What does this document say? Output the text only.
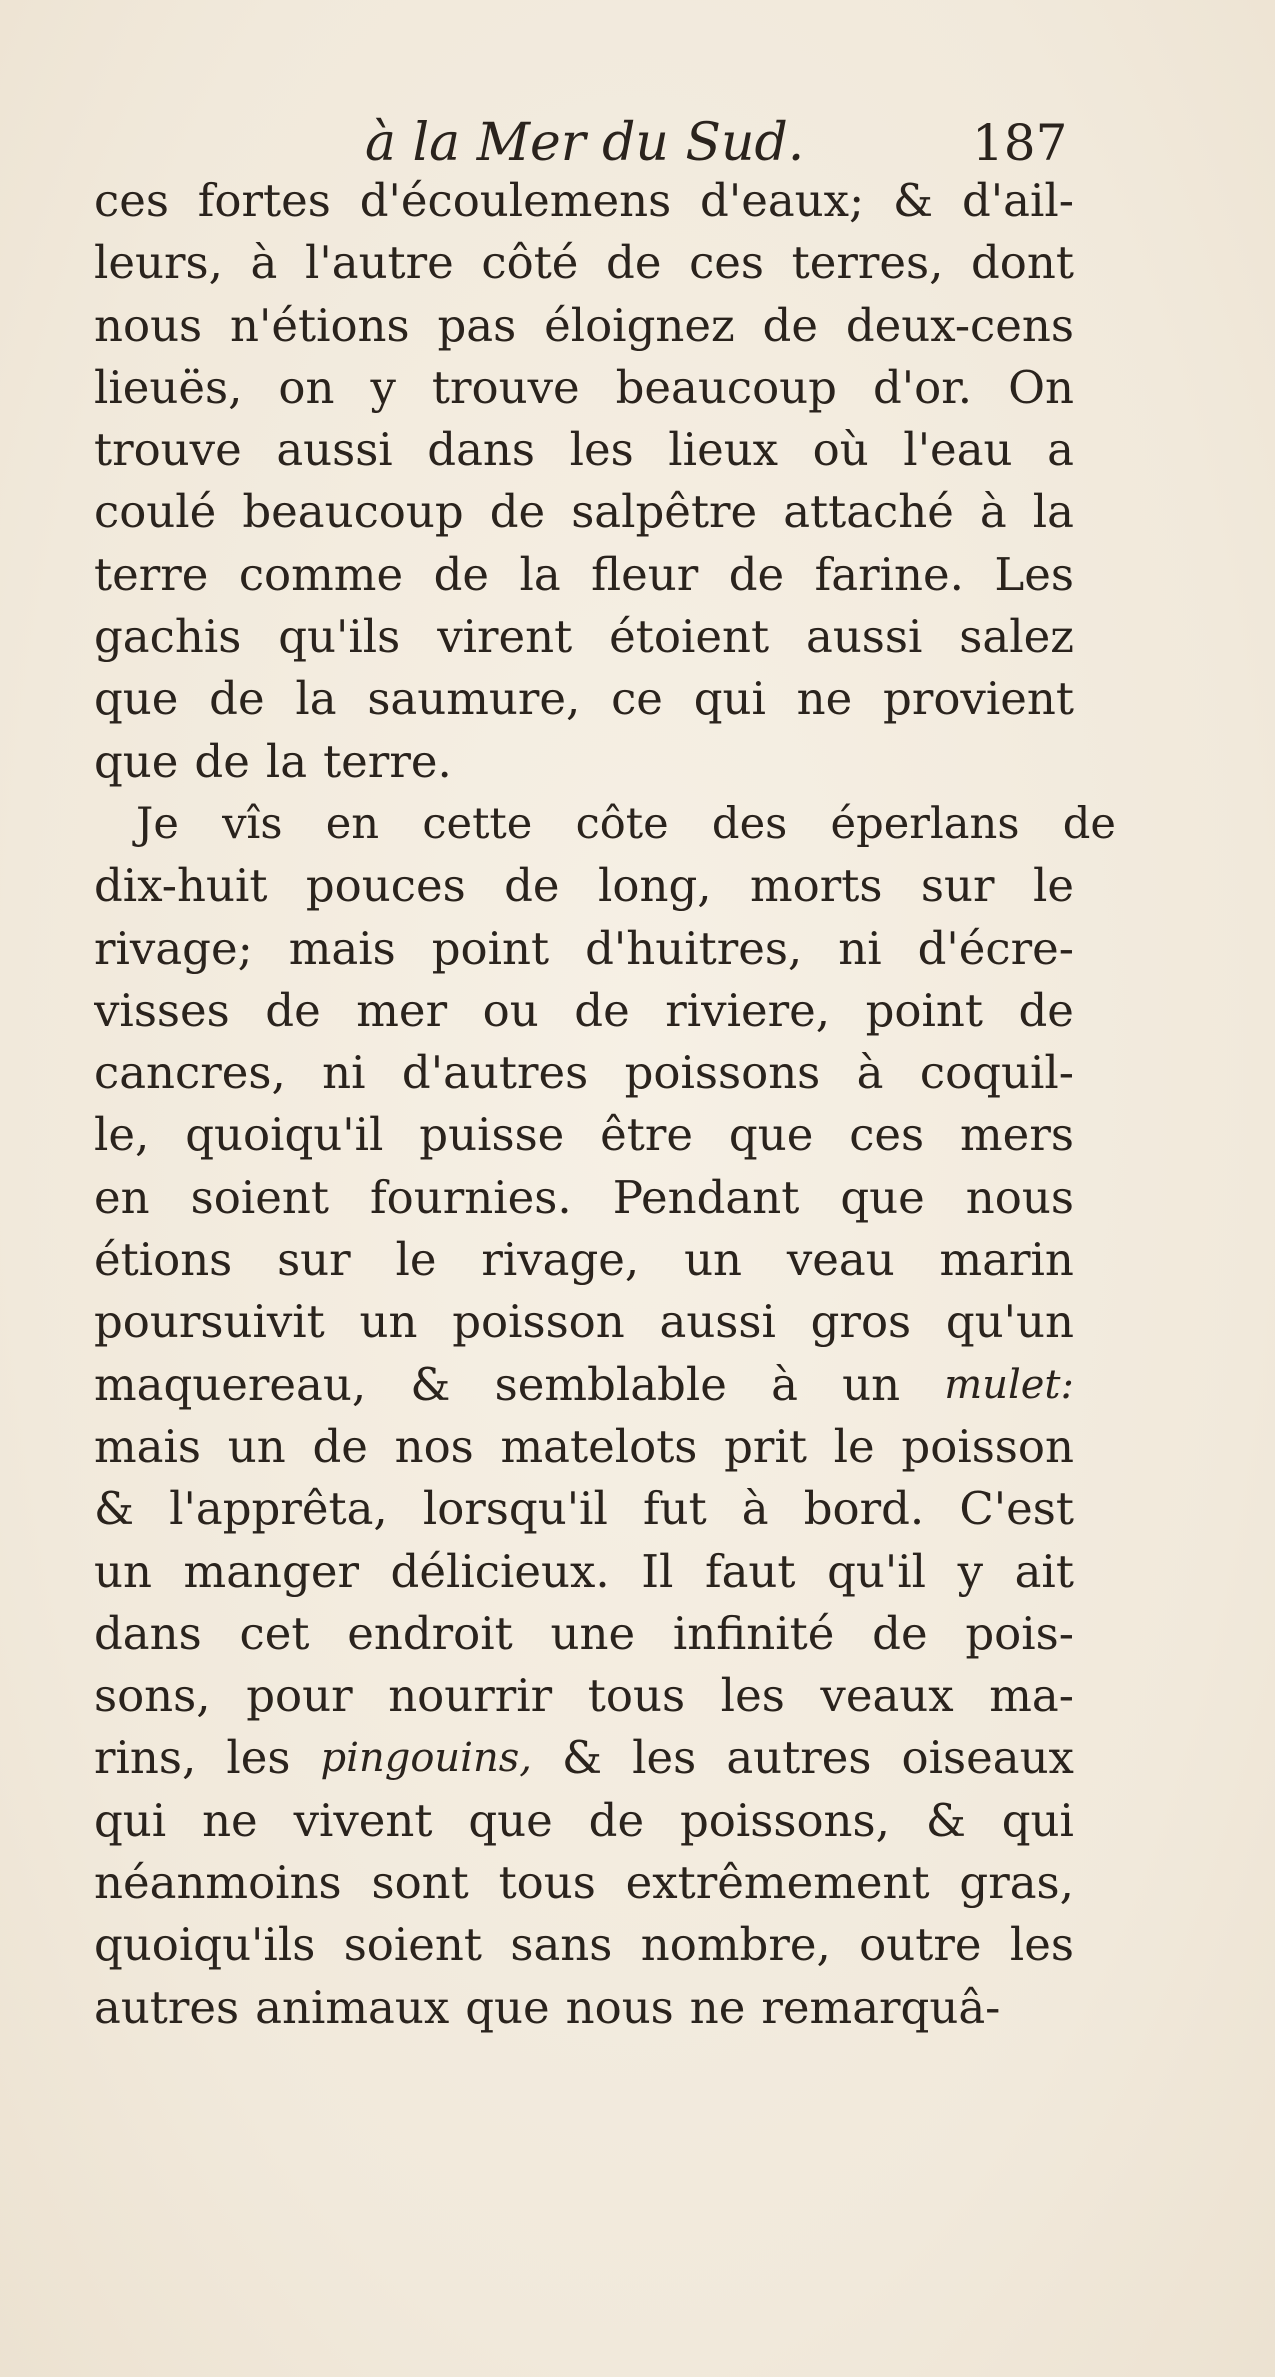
à la Mer du Sud.	187
ces fortes d'écoulemens d'eaux; & d'ail-
leurs, à l'autre côté de ces terres, dont
nous n'étions pas éloignez de deux-cens
lieuës, on y trouve beaucoup d'or. On
trouve aussi dans les lieux où l'eau a
coulé beaucoup de salpêtre attaché à la
terre comme de la fleur de farine. Les
gachis qu'ils virent étoient aussi salez
que de la saumure, ce qui ne provient
que de la terre.
Je vîs en cette côte des éperlans de
dix-huit pouces de long, morts sur le
rivage; mais point d'huitres, ni d'écre-
visses de mer ou de riviere, point de
cancres, ni d'autres poissons à coquil-
le, quoiqu'il puisse être que ces mers
en soient fournies. Pendant que nous
étions sur le rivage, un veau marin
poursuivit un poisson aussi gros qu'un
maquereau, & semblable à un mulet:
mais un de nos matelots prit le poisson
& l'apprêta, lorsqu'il fut à bord. C'est
un manger délicieux. Il faut qu'il y ait
dans cet endroit une infinité de pois-
sons, pour nourrir tous les veaux ma-
rins, les pingouins, & les autres oiseaux
qui ne vivent que de poissons, & qui
néanmoins sont tous extrêmement gras,
quoiqu'ils soient sans nombre, outre les
autres animaux que nous ne remarquâ-
